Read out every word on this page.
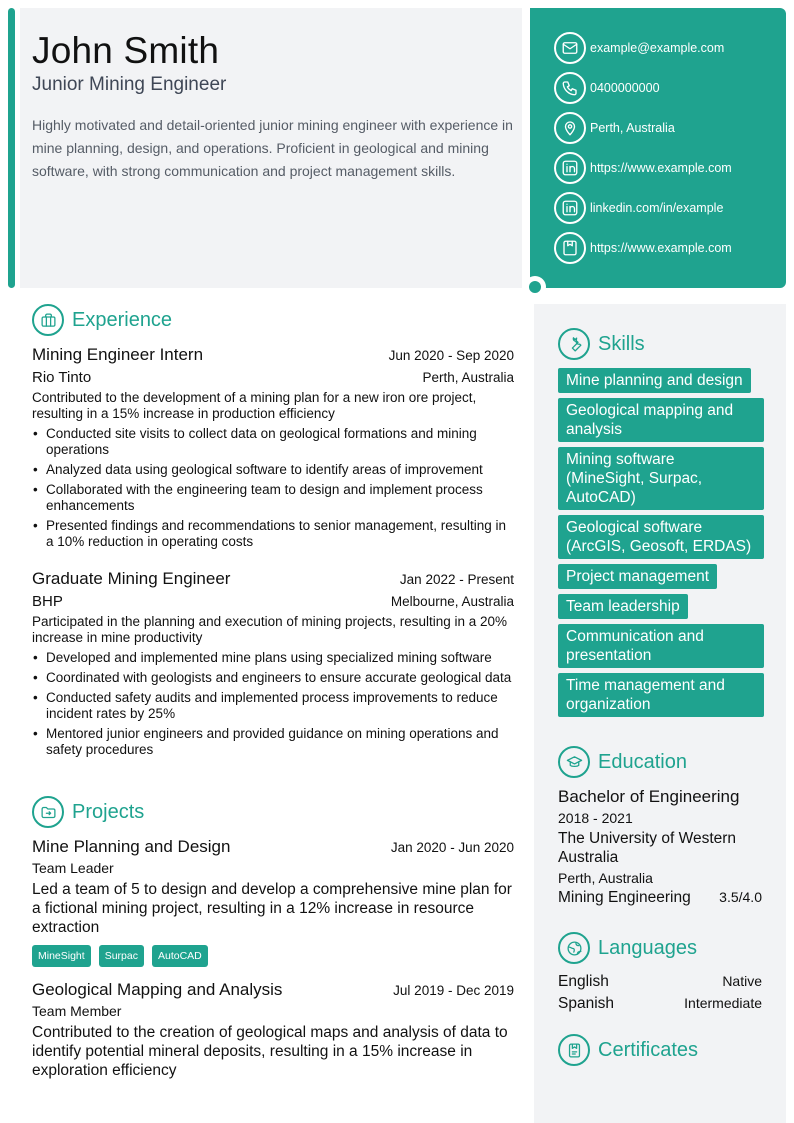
John Smith
Junior Mining Engineer

Highly motivated and detail-oriented junior mining engineer with experience in mine planning, design, and operations. Proficient in geological and mining software, with strong communication and project management skills.

example@example.com
0400000000
Perth, Australia
https://www.example.com
linkedin.com/in/example
https://www.example.com
Experience
Mining Engineer Intern	Jun 2020 - Sep 2020
Rio Tinto	Perth, Australia

Contributed to the development of a mining plan for a new iron ore project, resulting in a 15% increase in production efficiency

• Conducted site visits to collect data on geological formations and mining operations
• Analyzed data using geological software to identify areas of improvement
• Collaborated with the engineering team to design and implement process enhancements
• Presented findings and recommendations to senior management, resulting in a 10% reduction in operating costs
Graduate Mining Engineer	Jan 2022 - Present
BHP	Melbourne, Australia

Participated in the planning and execution of mining projects, resulting in a 20% increase in mine productivity

• Developed and implemented mine plans using specialized mining software
• Coordinated with geologists and engineers to ensure accurate geological data
• Conducted safety audits and implemented process improvements to reduce incident rates by 25%
• Mentored junior engineers and provided guidance on mining operations and safety procedures
Projects
Mine Planning and Design	Jan 2020 - Jun 2020
Team Leader

Led a team of 5 to design and develop a comprehensive mine plan for a fictional mining project, resulting in a 12% increase in resource extraction

MineSight	Surpac	AutoCAD
Geological Mapping and Analysis	Jul 2019 - Dec 2019
Team Member

Contributed to the creation of geological maps and analysis of data to identify potential mineral deposits, resulting in a 15% increase in exploration efficiency

Skills
Mine planning and design
Geological mapping and analysis
Mining software (MineSight, Surpac, AutoCAD)
Geological software (ArcGIS, Geosoft, ERDAS)
Project management
Team leadership
Communication and presentation
Time management and organization
Education
Bachelor of Engineering
2018 - 2021
The University of Western Australia
Perth, Australia
Mining Engineering 3.5/4.0
Languages
English	Native
Spanish	Intermediate
Certificates
